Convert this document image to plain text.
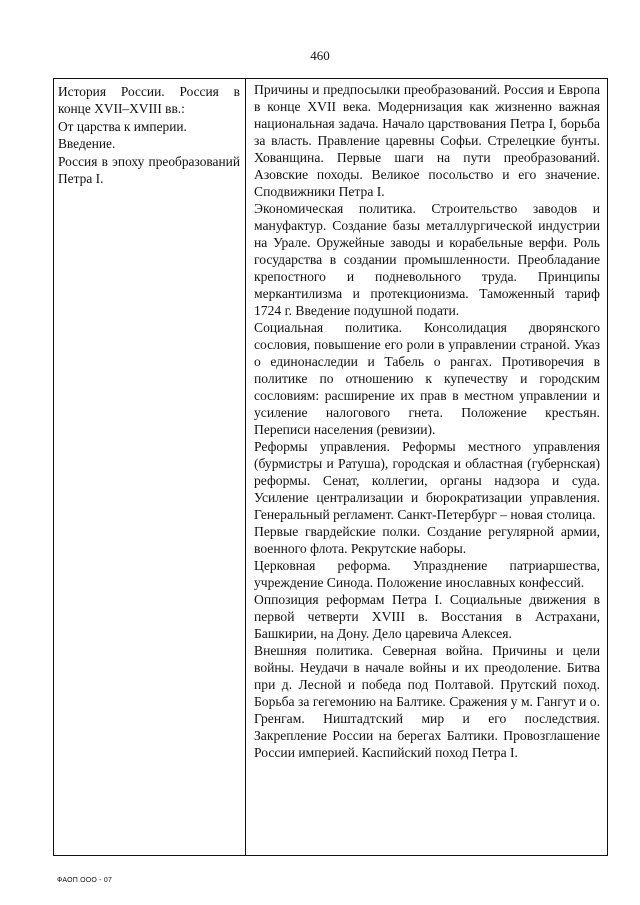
460

История России. Россия в конце XVII–XVIII вв.:

От царства к империи.

Введение.

Россия в эпоху преобразований Петра I.

Причины и предпосылки преобразований. Россия и Европа в конце XVII века. Модернизация как жизненно важная национальная задача. Начало царствования Петра I, борьба за власть. Правление царевны Софьи. Стрелецкие бунты. Хованщина. Первые шаги на пути преобразований. Азовские походы. Великое посольство и его значение. Сподвижники Петра I.

Экономическая политика. Строительство заводов и мануфактур. Создание базы металлургической индустрии на Урале. Оружейные заводы и корабельные верфи. Роль государства в создании промышленности. Преобладание крепостного и подневольного труда. Принципы меркантилизма и протекционизма. Таможенный тариф 1724 г. Введение подушной подати.

Социальная политика. Консолидация дворянского сословия, повышение его роли в управлении страной. Указ о единонаследии и Табель о рангах. Противоречия в политике по отношению к купечеству и городским сословиям: расширение их прав в местном управлении и усиление налогового гнета. Положение крестьян. Переписи населения (ревизии).

Реформы управления. Реформы местного управления (бурмистры и Ратуша), городская и областная (губернская) реформы. Сенат, коллегии, органы надзора и суда. Усиление централизации и бюрократизации управления. Генеральный регламент. Санкт-Петербург – новая столица.

Первые гвардейские полки. Создание регулярной армии, военного флота. Рекрутские наборы.

Церковная реформа. Упразднение патриаршества, учреждение Синода. Положение инославных конфессий.

Оппозиция реформам Петра I. Социальные движения в первой четверти XVIII в. Восстания в Астрахани, Башкирии, на Дону. Дело царевича Алексея.

Внешняя политика. Северная война. Причины и цели войны. Неудачи в начале войны и их преодоление. Битва при д. Лесной и победа под Полтавой. Прутский поход. Борьба за гегемонию на Балтике. Сражения у м. Гангут и о. Гренгам. Ништадтский мир и его последствия. Закрепление России на берегах Балтики. Провозглашение России империей. Каспийский поход Петра I.

ФАОП ООО - 07
